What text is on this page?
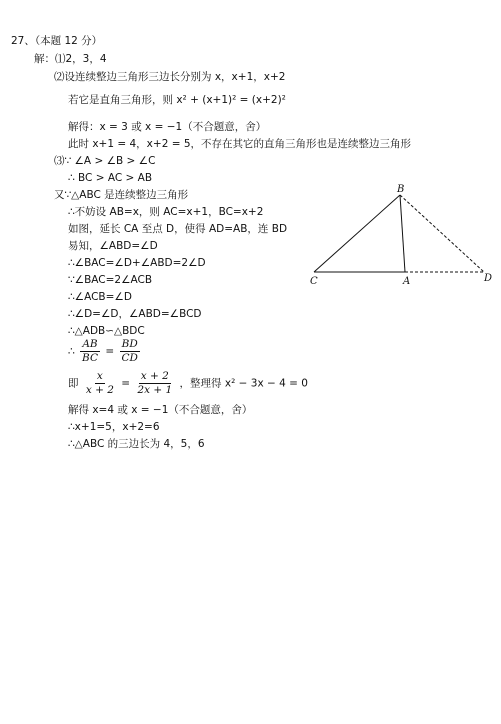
27、（本题 12 分）
解：⑴2，3，4
⑵设连续整边三角形三边长分别为 x，x+1，x+2
若它是直角三角形，则 x² + (x+1)² = (x+2)²
解得：x = 3 或 x = −1（不合题意，舍）
此时 x+1 = 4，x+2 = 5，不存在其它的直角三角形也是连续整边三角形
⑶∵ ∠A > ∠B > ∠C
∴ BC > AC > AB
又∵△ABC 是连续整边三角形
∴不妨设 AB=x，则 AC=x+1，BC=x+2
如图，延长 CA 至点 D，使得 AD=AB，连 BD
易知，∠ABD=∠D
∴∠BAC=∠D+∠ABD=2∠D
∵∠BAC=2∠ACB
∴∠ACB=∠D
∴∠D=∠D，∠ABD=∠BCD
∴△ADB∽△BDC
∴ $\frac{AB}{BC} = \frac{BD}{CD}$
即 $\frac{x}{x + 2} = \frac{x + 2}{2x + 1}$ ，整理得 x² − 3x − 4 = 0
解得 x=4 或 x = −1（不合题意，舍）
∴x+1=5，x+2=6
∴△ABC 的三边长为 4，5，6
B
C	A	D
